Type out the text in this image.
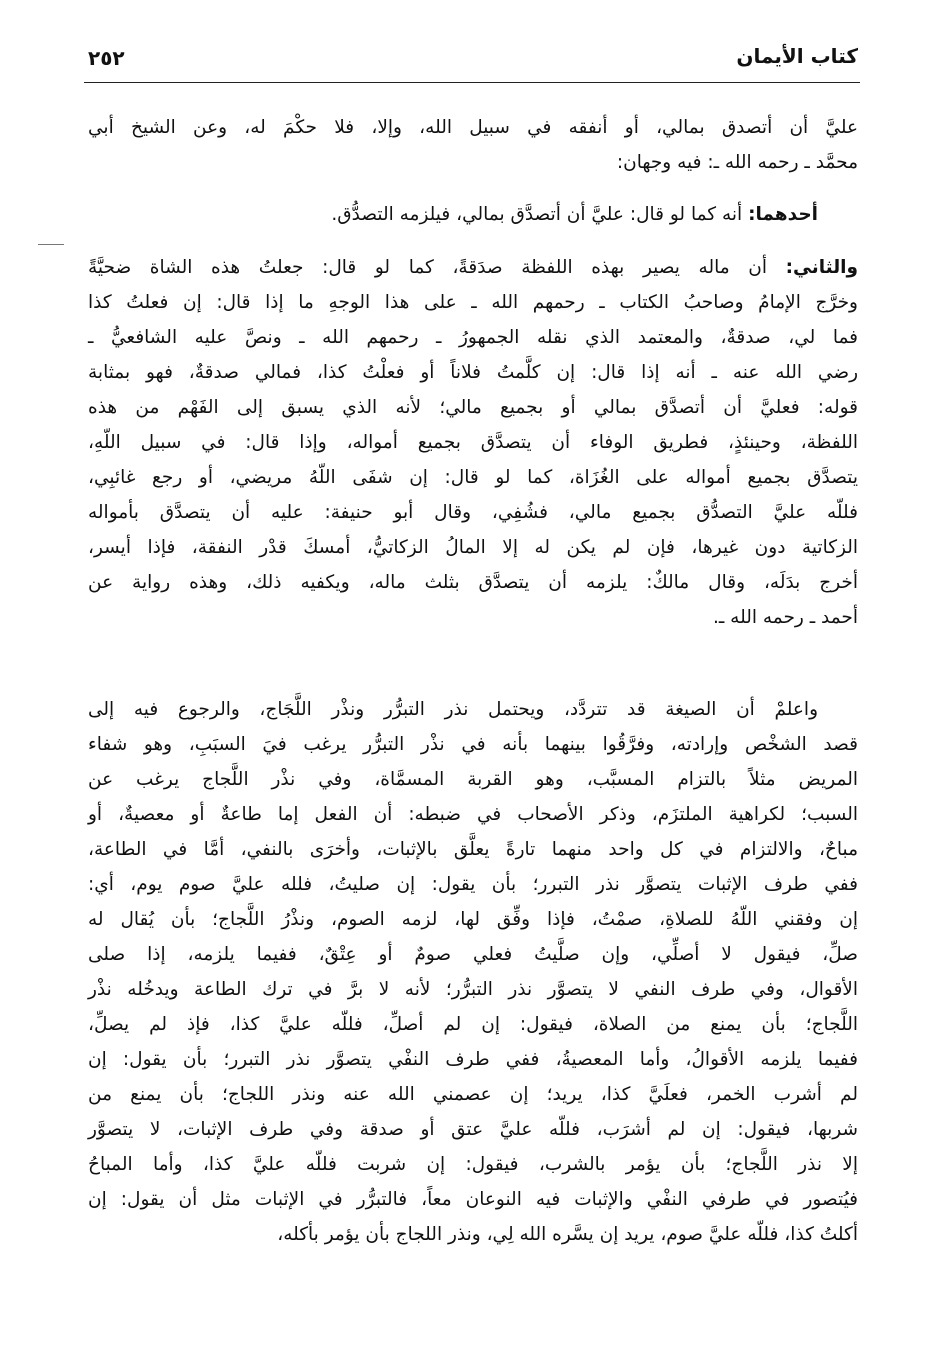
كتاب الأيمان
٢٥٢
عليَّ أن أتصدق بمالي، أو أنفقه في سبيل الله، وإلا، فلا حكْمَ له، وعن الشيخ أبي
محمَّد ـ رحمه الله ـ: فيه وجهان:
أحدهما: أنه كما لو قال: عليَّ أن أتصدَّق بمالي، فيلزمه التصدُّق.
والثاني: أن ماله يصير بهذه اللفظة صدَقةً، كما لو قال: جعلتُ هذه الشاة ضحيَّةً
وخرَّج الإمامُ وصاحبُ الكتاب ـ رحمهم الله ـ على هذا الوجهِ ما إذا قال: إن فعلتُ كذا
فما لي، صدقةٌ، والمعتمد الذي نقله الجمهورُ ـ رحمهم الله ـ ونصَّ عليه الشافعيُّ ـ
رضي الله عنه ـ أنه إذا قال: إن كلَّمتُ فلاناً أو فعلْتُ كذا، فمالي صدقةٌ، فهو بمثابة
قوله: فعليَّ أن أتصدَّق بمالي أو بجميع مالي؛ لأنه الذي يسبق إلى الفَهْم من هذه
اللفظة، وحينئذٍ، فطريق الوفاء أن يتصدَّق بجميع أمواله، وإذا قال: في سبيل اللّهِ،
يتصدَّق بجميع أمواله على الغُزَاة، كما لو قال: إن شفَى اللّهُ مريضي، أو رجع غائبِي،
فللّه عليَّ التصدُّق بجميع مالي، فشُفِي، وقال أبو حنيفة: عليه أن يتصدَّق بأمواله
الزكاتية دون غيرها، فإن لم يكن له إلا المالُ الزكاتيُّ، أمسكَ قدْر النفقة، فإذا أيسر،
أخرج بدَلَه، وقال مالكٌ: يلزمه أن يتصدَّق بثلث ماله، ويكفيه ذلك، وهذه رواية عن
أحمد ـ رحمه الله ـ.
واعلمْ أن الصيغة قد تتردَّد، ويحتمل نذر التبرُّر ونذْر اللَّجَاج، والرجوع فيه إلى
قصد الشخْص وإرادته، وفرَّقُوا بينهما بأنه في نذْر التبرُّر يرغب فيَ السبَبِ، وهو شفاء
المريض مثلاً بالتزام المسبَّب، وهو القربة المسمَّاة، وفي نذْر اللَّجاج يرغب عن
السبب؛ لكراهية الملتزَم، وذكر الأصحاب في ضبطه: أن الفعل إما طاعةٌ أو معصيةٌ، أو
مباحٌ، والالتزام في كل واحد منهما تارةً يعلَّق بالإثبات، وأخرَى بالنفي، أمَّا في الطاعة،
ففي طرف الإثبات يتصوَّر نذر التبرر؛ بأن يقول: إن صليتُ، فلله عليَّ صوم يوم، أي:
إن وفقني اللّهُ للصلاةِ، صمْتُ، فإذا وفِّق لها، لزمه الصوم، ونذْرُ اللَّجاج؛ بأن يُقال له
صلِّ، فيقول لا أصلِّي، وإن صلَّيتُ فعلي صومٌ أو عِتْقٌ، ففيما يلزمه، إذا صلى
الأقوال، وفي طرف النفي لا يتصوَّر نذر التبرُّر؛ لأنه لا برَّ في ترك الطاعة ويدخُله نذْر
اللَّجاج؛ بأن يمنع من الصلاة، فيقول: إن لم أصلِّ، فللّه عليَّ كذا، فإذ لم يصلِّ،
ففيما يلزمه الأقوالُ، وأما المعصيةُ، ففي طرف النفْي يتصوَّر نذر التبرر؛ بأن يقول: إن
لم أشرب الخمر، فعلَيَّ كذا، يريد؛ إن عصمني الله عنه ونذر اللجاج؛ بأن يمنع من
شربها، فيقول: إن لم أشرَب، فللّه عليَّ عتق أو صدقة وفي طرف الإثبات، لا يتصوَّر
إلا نذر اللَّجاج؛ بأن يؤمر بالشرب، فيقول: إن شربت فللّه عليَّ كذا، وأما المباحُ
فيُتصور في طرفي النفْي والإثبات فيه النوعان معاً، فالتبرُّر في الإثبات مثل أن يقول: إن
أكلتُ كذا، فللّه عليَّ صوم، يريد إن يسَّره الله لِي، ونذر اللجاج بأن يؤمر بأكله،
